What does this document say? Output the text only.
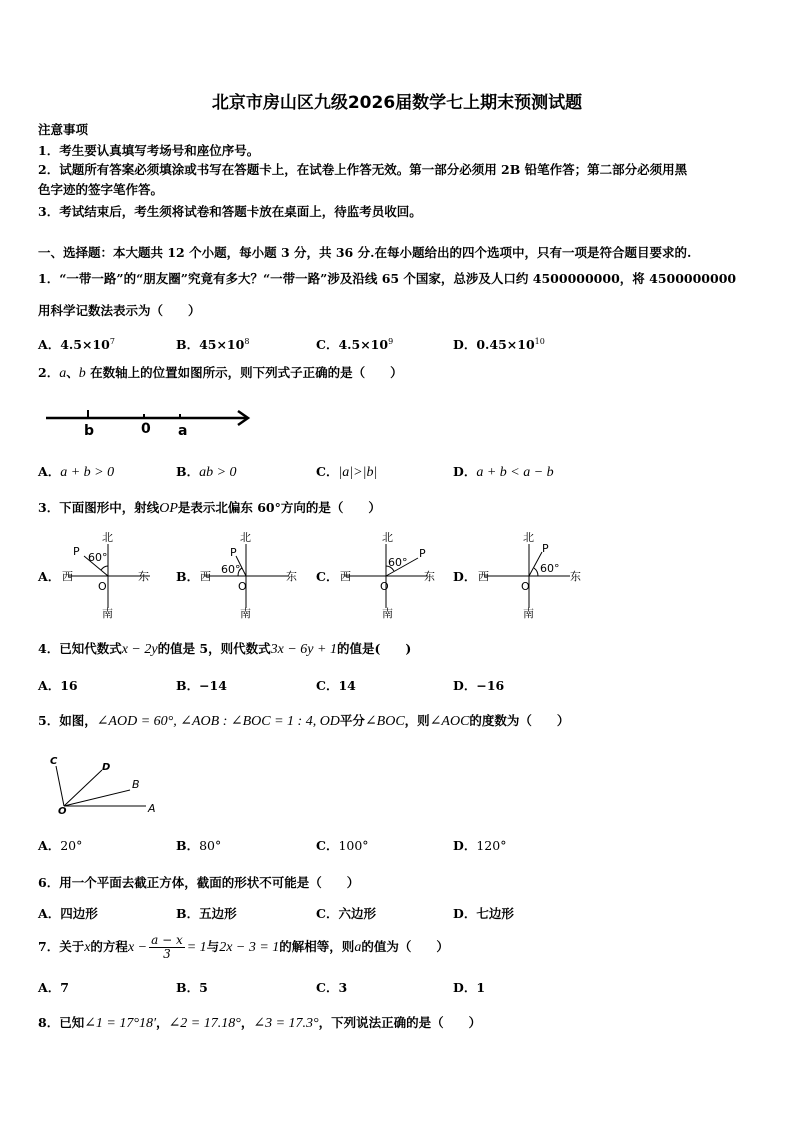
北京市房山区九级2026届数学七上期末预测试题
注意事项
1．考生要认真填写考场号和座位序号。
2．试题所有答案必须填涂或书写在答题卡上，在试卷上作答无效。第一部分必须用 2B 铅笔作答；第二部分必须用黑
色字迹的签字笔作答。
3．考试结束后，考生须将试卷和答题卡放在桌面上，待监考员收回。
一、选择题：本大题共 12 个小题，每小题 3 分，共 36 分.在每小题给出的四个选项中，只有一项是符合题目要求的.
1．“一带一路”的“朋友圈”究竟有多大？“一带一路”涉及沿线 65 个国家，总涉及人口约 4500000000，将 4500000000
用科学记数法表示为（　　）
A．$4.5\times 10^7$	B．$45\times 10^8$	C．$4.5\times 10^9$	D．$0.45\times 10^{10}$
2．a、b 在数轴上的位置如图所示，则下列式子正确的是（　　）
b	0 a
A．a + b > 0	B．ab > 0	C．|a|>|b|	D．a + b < a − b
3．下面图形中，射线OP是表示北偏东 60°方向的是（　　）
A．
北
南
西	东
O
P 60°
B．
北
南
西	东
O
P
60°	C．
北
南
西	东
O
P
60°
D．
北
南
西	东
O
P
60°
4．已知代数式x − 2y的值是 5，则代数式3x − 6y + 1的值是(　　)
A．16	B．−14	C．14	D．−16
5．如图，∠AOD = 60°, ∠AOB : ∠BOC = 1 : 4, OD平分∠BOC，则∠AOC的度数为（　　）
C
D
B
A
O
A．20°	B．80°	C．100°	D．120°
6．用一个平面去截正方体，截面的形状不可能是（　　）
A．四边形	B．五边形	C．六边形	D．七边形
7．关于x的方程$x - \frac{a - x}{3} = 1$与2x − 3 = 1的解相等，则a的值为（　　）
A．7	B．5	C．3	D．1
8．已知∠1 = 17°18′，∠2 = 17.18°，∠3 = 17.3°，下列说法正确的是（　　）
